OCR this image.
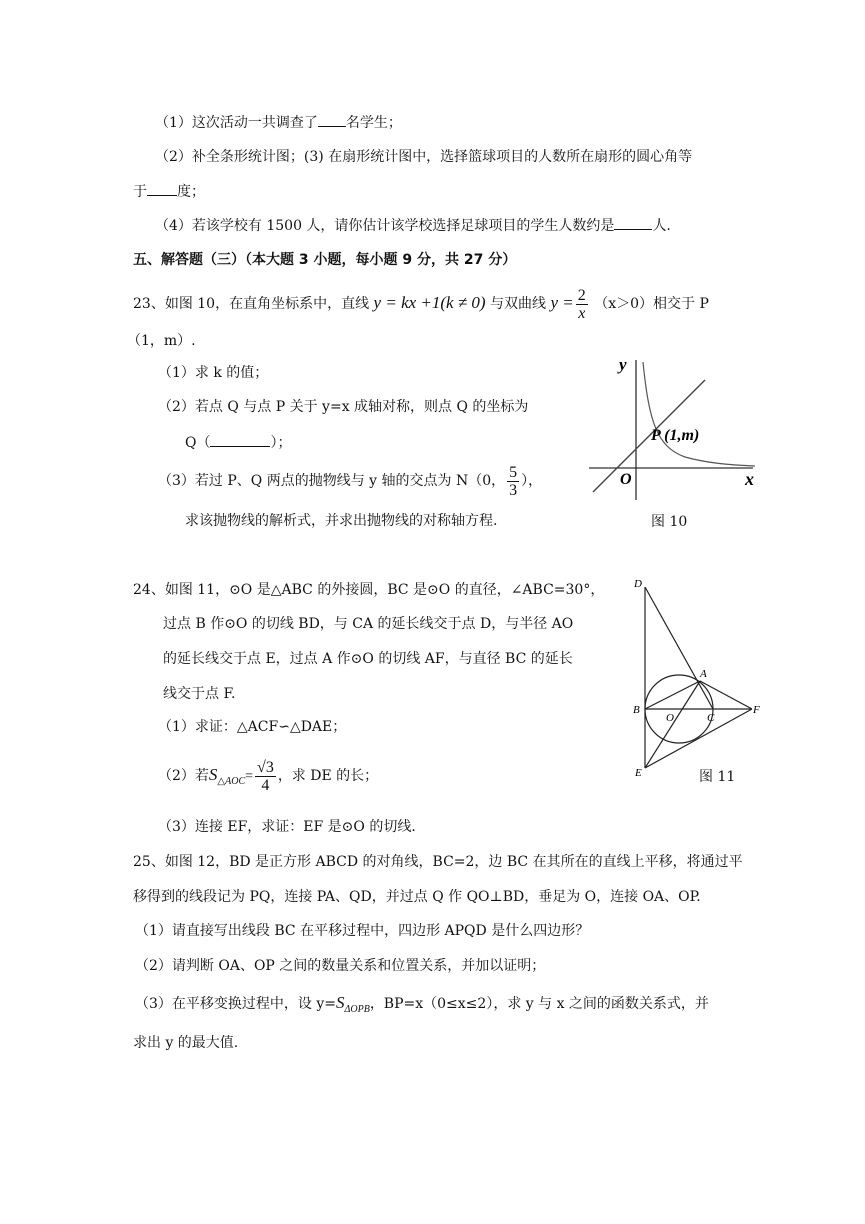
（1）这次活动一共调查了 名学生；
（2）补全条形统计图；(3) 在扇形统计图中，选择篮球项目的人数所在扇形的圆心角等
于 度；
（4）若该学校有 1500 人，请你估计该学校选择足球项目的学生人数约是	人.
五、解答题（三）（本大题 3 小题，每小题 9 分，共 27 分）
23、如图 10，在直角坐标系中，直线 y = kx +1(k ≠ 0) 与双曲线 $y = \frac{2}{x} (x>0)$相交于 P
（1，m）.
（1）求 k 的值；
（2）若点 Q 与点 P 关于 y=x 成轴对称，则点 Q 的坐标为
Q（	）；
（3）若过 P、Q 两点的抛物线与 y 轴的交点为 N（0， $\frac{5}{3}$ ），
求该抛物线的解析式，并求出抛物线的对称轴方程.
y
x
O
P (1,m)
图 10
24、如图 11，⊙O 是△ABC 的外接圆，BC 是⊙O 的直径，∠ABC=30°，
过点 B 作⊙O 的切线 BD，与 CA 的延长线交于点 D，与半径 AO
的延长线交于点 E，过点 A 作⊙O 的切线 AF，与直径 BC 的延长
线交于点 F.
（1）求证：△ACF∽△DAE；
（2）若$S_{\triangle AOC}= \frac{√3}{4}$ ，求 DE 的长；
（3）连接 EF，求证：EF 是⊙O 的切线.
D
A
B
O	C
F
E	图 11
25、如图 12，BD 是正方形 ABCD 的对角线，BC=2，边 BC 在其所在的直线上平移，将通过平
移得到的线段记为 PQ，连接 PA、QD，并过点 Q 作 QO⊥BD，垂足为 O，连接 OA、OP.
（1）请直接写出线段 BC 在平移过程中，四边形 APQD 是什么四边形？
（2）请判断 OA、OP 之间的数量关系和位置关系，并加以证明；
（3）在平移变换过程中，设 $y=S_{\Delta OPB}$，BP=x（0≤x≤2），求 y 与 x 之间的函数关系式，并
求出 y 的最大值.
